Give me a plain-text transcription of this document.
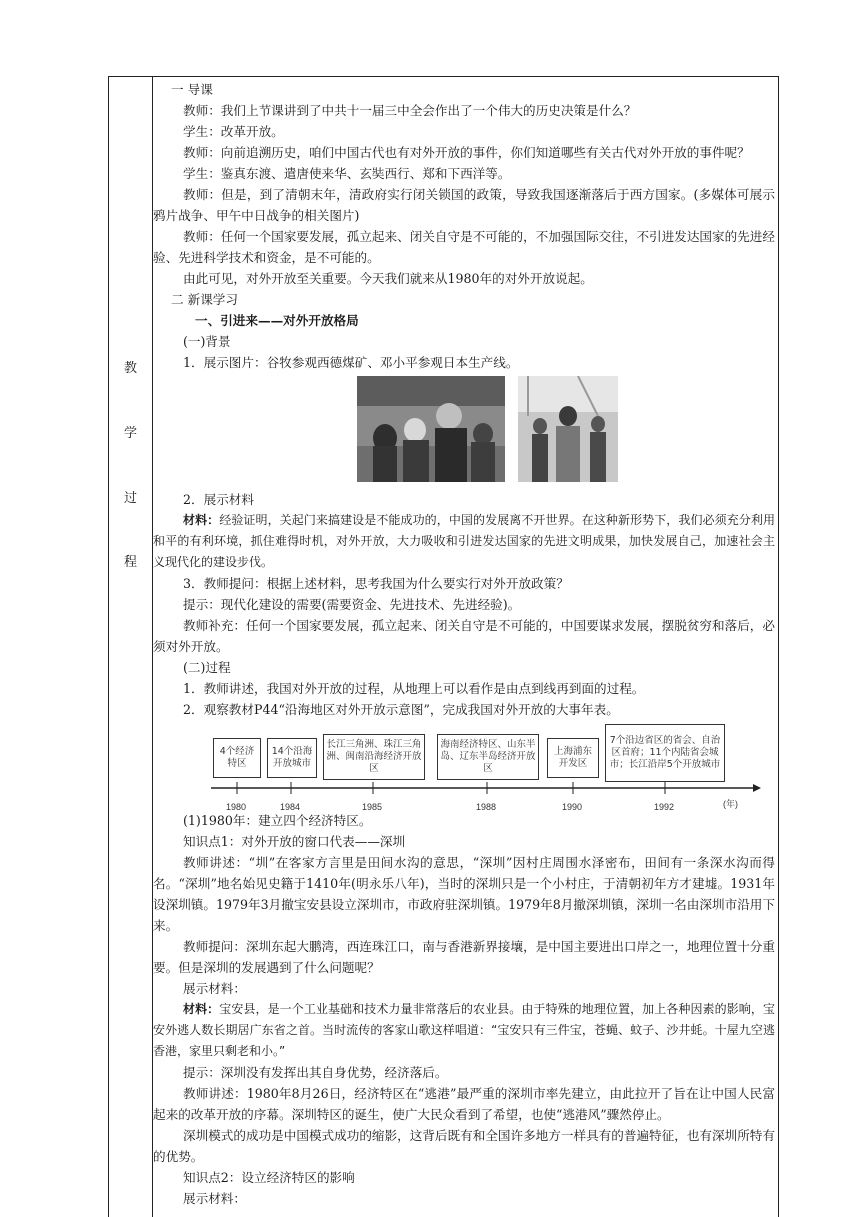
教
学
过
程

一 导课

教师：我们上节课讲到了中共十一届三中全会作出了一个伟大的历史决策是什么？

学生：改革开放。

教师：向前追溯历史，咱们中国古代也有对外开放的事件，你们知道哪些有关古代对外开放的事件呢？

学生：鉴真东渡、遣唐使来华、玄奘西行、郑和下西洋等。

教师：但是，到了清朝末年，清政府实行闭关锁国的政策，导致我国逐渐落后于西方国家。(多媒体可展示鸦片战争、甲午中日战争的相关图片)

教师：任何一个国家要发展，孤立起来、闭关自守是不可能的，不加强国际交往，不引进发达国家的先进经验、先进科学技术和资金，是不可能的。

由此可见，对外开放至关重要。今天我们就来从1980年的对外开放说起。

二 新课学习

一、引进来——对外开放格局

(一)背景

1．展示图片：谷牧参观西德煤矿、邓小平参观日本生产线。

2．展示材料

材料：经验证明，关起门来搞建设是不能成功的，中国的发展离不开世界。在这种新形势下，我们必须充分利用和平的有利环境，抓住难得时机，对外开放，大力吸收和引进发达国家的先进文明成果，加快发展自己，加速社会主义现代化的建设步伐。

3．教师提问：根据上述材料，思考我国为什么要实行对外开放政策？

提示：现代化建设的需要(需要资金、先进技术、先进经验)。

教师补充：任何一个国家要发展，孤立起来、闭关自守是不可能的，中国要谋求发展，摆脱贫穷和落后，必须对外开放。

(二)过程

1．教师讲述，我国对外开放的过程，从地理上可以看作是由点到线再到面的过程。

2．观察教材P44“沿海地区对外开放示意图”，完成我国对外开放的大事年表。

4个经济特区
14个沿海开放城市
长江三角洲、珠江三角洲、闽南沿海经济开放区
海南经济特区、山东半岛、辽东半岛经济开放区
上海浦东开发区
7个沿边省区的省会、自治区首府；11个内陆省会城市；长江沿岸5个开放城市
1980	1984	1985	1988	1990	1992	(年)

(1)1980年：建立四个经济特区。

知识点1：对外开放的窗口代表——深圳

教师讲述：“圳”在客家方言里是田间水沟的意思，“深圳”因村庄周围水泽密布，田间有一条深水沟而得名。“深圳”地名始见史籍于1410年(明永乐八年)，当时的深圳只是一个小村庄，于清朝初年方才建墟。1931年设深圳镇。1979年3月撤宝安县设立深圳市，市政府驻深圳镇。1979年8月撤深圳镇，深圳一名由深圳市沿用下来。

教师提问：深圳东起大鹏湾，西连珠江口，南与香港新界接壤，是中国主要进出口岸之一，地理位置十分重要。但是深圳的发展遇到了什么问题呢？

展示材料：

材料：宝安县，是一个工业基础和技术力量非常落后的农业县。由于特殊的地理位置，加上各种因素的影响，宝安外逃人数长期居广东省之首。当时流传的客家山歌这样唱道：“宝安只有三件宝，苍蝇、蚊子、沙井蚝。十屋九空逃香港，家里只剩老和小。”

提示：深圳没有发挥出其自身优势，经济落后。

教师讲述：1980年8月26日，经济特区在“逃港”最严重的深圳市率先建立，由此拉开了旨在让中国人民富起来的改革开放的序幕。深圳特区的诞生，使广大民众看到了希望，也使“逃港风”骤然停止。

深圳模式的成功是中国模式成功的缩影，这背后既有和全国许多地方一样具有的普遍特征，也有深圳所特有的优势。

知识点2：设立经济特区的影响

展示材料：
